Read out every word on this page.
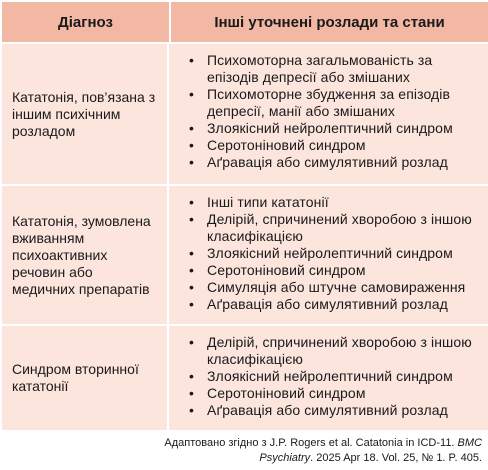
Діагноз	Інші уточнені розлади та стани
Кататонія, пов’язана з іншим психічним розладом
• Психомоторна загальмованість за епізодів депресії або змішаних
• Психомоторне збудження за епізодів депресії, манії або змішаних
• Злоякісний нейролептичний синдром
• Серотоніновий синдром
• Аґравація або симулятивний розлад
Кататонія, зумовлена вживанням психоактивних речовин або медичних препаратів
• Інші типи кататонії
• Делірій, спричинений хворобою з іншою класифікацією
• Злоякісний нейролептичний синдром
• Серотоніновий синдром
• Симуляція або штучне самовираження
• Аґравація або симулятивний розлад
Синдром вторинної кататонії
• Делірій, спричинений хворобою з іншою класифікацією
• Злоякісний нейролептичний синдром
• Серотоніновий синдром
• Аґравація або симулятивний розлад
Адаптовано згідно з J.P. Rogers et al. Catatonia in ICD-11. BMC
Psychiatry. 2025 Apr 18. Vol. 25, № 1. P. 405.
